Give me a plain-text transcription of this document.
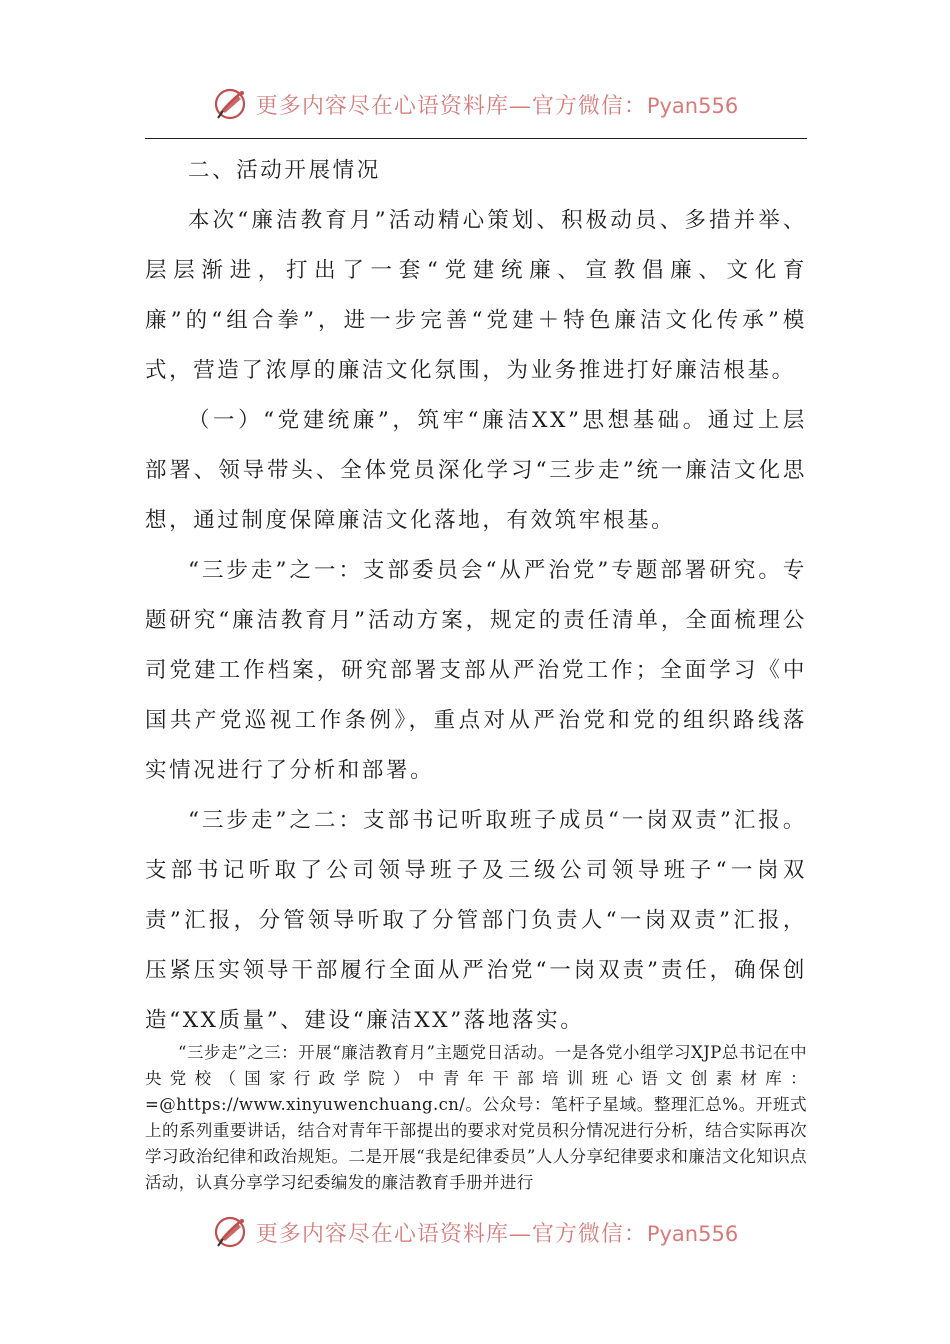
更多内容尽在心语资料库—官方微信：Pyan556

二、活动开展情况

本次“廉洁教育月”活动精心策划、积极动员、多措并举、层层渐进，打出了一套“党建统廉、宣教倡廉、文化育廉”的“组合拳”，进一步完善“党建＋特色廉洁文化传承”模式，营造了浓厚的廉洁文化氛围，为业务推进打好廉洁根基。

（一）“党建统廉”，筑牢“廉洁XX”思想基础。通过上层部署、领导带头、全体党员深化学习“三步走”统一廉洁文化思想，通过制度保障廉洁文化落地，有效筑牢根基。

“三步走”之一：支部委员会“从严治党”专题部署研究。专题研究“廉洁教育月”活动方案，规定的责任清单，全面梳理公司党建工作档案，研究部署支部从严治党工作；全面学习《中国共产党巡视工作条例》，重点对从严治党和党的组织路线落实情况进行了分析和部署。

“三步走”之二：支部书记听取班子成员“一岗双责”汇报。支部书记听取了公司领导班子及三级公司领导班子“一岗双责”汇报，分管领导听取了分管部门负责人“一岗双责”汇报，压紧压实领导干部履行全面从严治党“一岗双责”责任，确保创造“XX质量”、建设“廉洁XX”落地落实。

“三步走”之三：开展“廉洁教育月”主题党日活动。一是各党小组学习XJP总书记在中央党校（国家行政学院）中青年干部培训班心语文创素材库：=@https://www.xinyuwenchuang.cn/。公众号：笔杆子星域。整理汇总%。开班式上的系列重要讲话，结合对青年干部提出的要求对党员积分情况进行分析，结合实际再次学习政治纪律和政治规矩。二是开展“我是纪律委员”人人分享纪律要求和廉洁文化知识点活动，认真分享学习纪委编发的廉洁教育手册并进行

更多内容尽在心语资料库—官方微信：Pyan556
